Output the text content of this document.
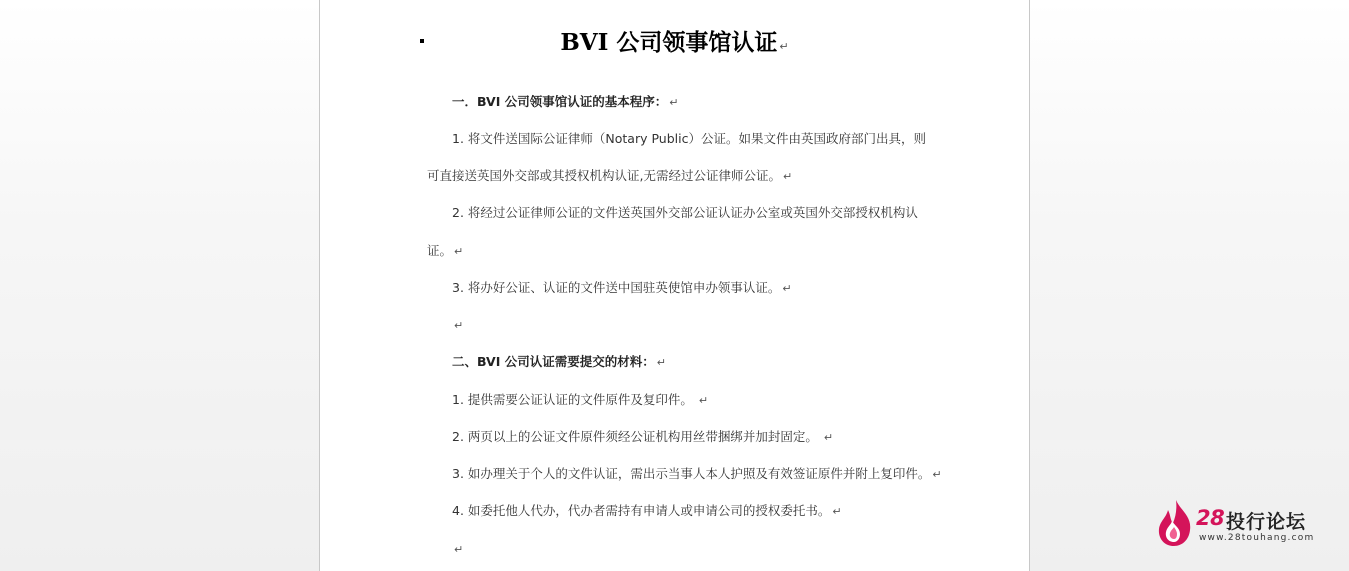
BVI 公司领事馆认证 ↵
一．BVI 公司领事馆认证的基本程序： ↵
1. 将文件送国际公证律师（Notary Public）公证。如果文件由英国政府部门出具，则
可直接送英国外交部或其授权机构认证,无需经过公证律师公证。 ↵
2. 将经过公证律师公证的文件送英国外交部公证认证办公室或英国外交部授权机构认
证。 ↵
3. 将办好公证、认证的文件送中国驻英使馆申办领事认证。 ↵
↵
二、BVI 公司认证需要提交的材料： ↵
1. 提供需要公证认证的文件原件及复印件。 ↵
2. 两页以上的公证文件原件须经公证机构用丝带捆绑并加封固定。 ↵
3. 如办理关于个人的文件认证，需出示当事人本人护照及有效签证原件并附上复印件。 ↵
4. 如委托他人代办，代办者需持有申请人或申请公司的授权委托书。 ↵
↵
28 投行论坛
www.28touhang.com
